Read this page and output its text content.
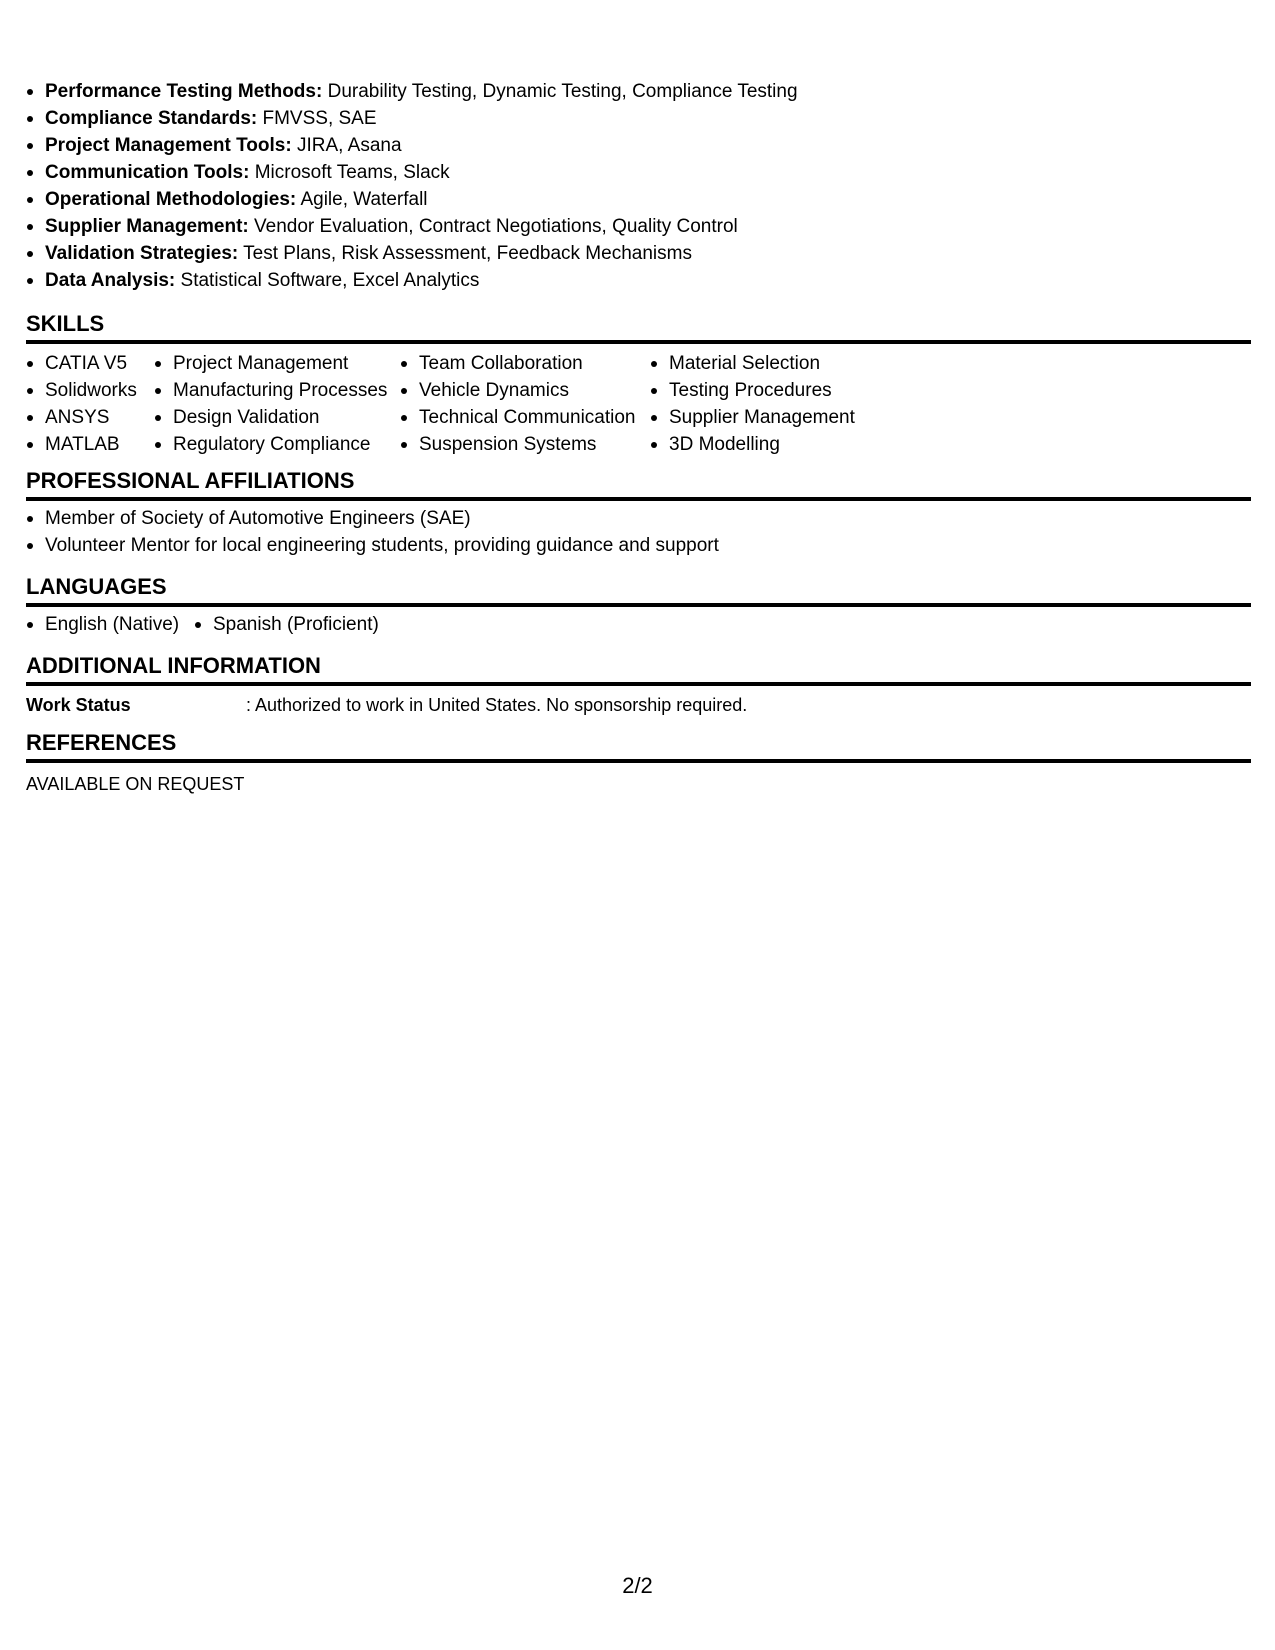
Performance Testing Methods: Durability Testing, Dynamic Testing, Compliance Testing
Compliance Standards: FMVSS, SAE
Project Management Tools: JIRA, Asana
Communication Tools: Microsoft Teams, Slack
Operational Methodologies: Agile, Waterfall
Supplier Management: Vendor Evaluation, Contract Negotiations, Quality Control
Validation Strategies: Test Plans, Risk Assessment, Feedback Mechanisms
Data Analysis: Statistical Software, Excel Analytics
SKILLS
CATIA V5
Solidworks
ANSYS
MATLAB
Project Management
Manufacturing Processes
Design Validation
Regulatory Compliance
Team Collaboration
Vehicle Dynamics
Technical Communication
Suspension Systems
Material Selection
Testing Procedures
Supplier Management
3D Modelling
PROFESSIONAL AFFILIATIONS
Member of Society of Automotive Engineers (SAE)
Volunteer Mentor for local engineering students, providing guidance and support
LANGUAGES
English (Native)	Spanish (Proficient)
ADDITIONAL INFORMATION
Work Status	: Authorized to work in United States. No sponsorship required.
REFERENCES
AVAILABLE ON REQUEST
2/2
